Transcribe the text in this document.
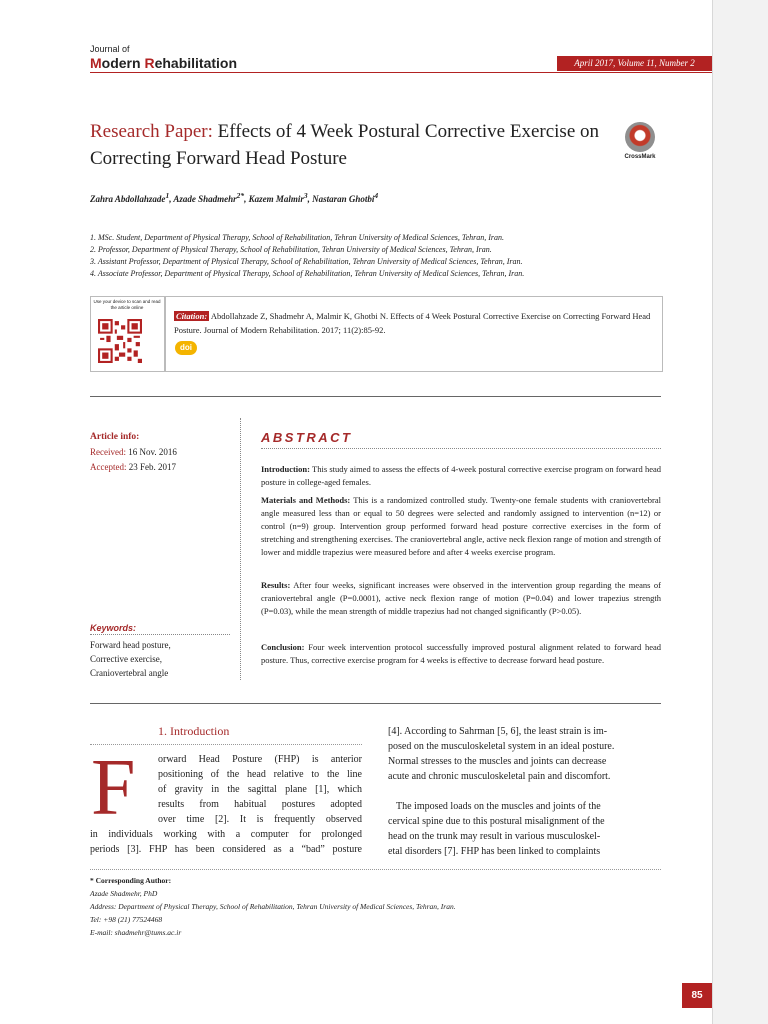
Journal of
Modern Rehabilitation	April 2017, Volume 11, Number 2
Research Paper: Effects of 4 Week Postural Corrective Exercise on Correcting Forward Head Posture	CrossMark
Zahra Abdollahzade$^1$, Azade Shadmehr$^{2*}$, Kazem Malmir$^3$, Nastaran Ghotbi$^4$
1. MSc. Student, Department of Physical Therapy, School of Rehabilitation, Tehran University of Medical Sciences, Tehran, Iran.
2. Professor, Department of Physical Therapy, School of Rehabilitation, Tehran University of Medical Sciences, Tehran, Iran.
3. Assistant Professor, Department of Physical Therapy, School of Rehabilitation, Tehran University of Medical Sciences, Tehran, Iran.
4. Associate Professor, Department of Physical Therapy, School of Rehabilitation, Tehran University of Medical Sciences, Tehran, Iran.
Use your device to scan and read the article online
Citation: Abdollahzade Z, Shadmehr A, Malmir K, Ghotbi N. Effects of 4 Week Postural Corrective Exercise on Correcting Forward Head Posture. Journal of Modern Rehabilitation. 2017; 11(2):85-92.
doi
Article info:
Received: 16 Nov. 2016
Accepted: 23 Feb. 2017
Keywords:
Forward head posture,
Corrective exercise,
Craniovertebral angle
ABSTRACT
Introduction: This study aimed to assess the effects of 4-week postural corrective exercise program on forward head posture in college-aged females.
Materials and Methods: This is a randomized controlled study. Twenty-one female students with craniovertebral angle measured less than or equal to 50 degrees were selected and randomly assigned to intervention (n=12) or control (n=9) group. Intervention group performed forward head posture corrective exercises in the form of stretching and strengthening exercises. The craniovertebral angle, active neck flexion range of motion and strength of lower and middle trapezius were measured before and after 4 weeks exercise program.
Results: After four weeks, significant increases were observed in the intervention group regarding the means of craniovertebral angle (P=0.0001), active neck flexion range of motion (P=0.04) and lower trapezius strength (P=0.03), while the mean strength of middle trapezius had not changed significantly (P>0.05).
Conclusion: Four week intervention protocol successfully improved postural alignment related to forward head posture. Thus, corrective exercise program for 4 weeks is effective to decrease forward head posture.
1. Introduction
F orward Head Posture (FHP) is anterior
positioning of the head relative to the line
of gravity in the sagittal plane [1], which
results from habitual postures adopted
over time [2]. It is frequently observed
in individuals working with a computer for prolonged
periods [3]. FHP has been considered as a “bad” posture
[4]. According to Sahrman [5, 6], the least strain is im-
posed on the musculoskeletal system in an ideal posture.
Normal stresses to the muscles and joints can decrease
acute and chronic musculoskeletal pain and discomfort.
The imposed loads on the muscles and joints of the
cervical spine due to this postural misalignment of the
head on the trunk may result in various musculoskel-
etal disorders [7]. FHP has been linked to complaints
* Corresponding Author:
Azade Shadmehr, PhD
Address: Department of Physical Therapy, School of Rehabilitation, Tehran University of Medical Sciences, Tehran, Iran.
Tel: +98 (21) 77524468
E-mail: shadmehr@tums.ac.ir
85
